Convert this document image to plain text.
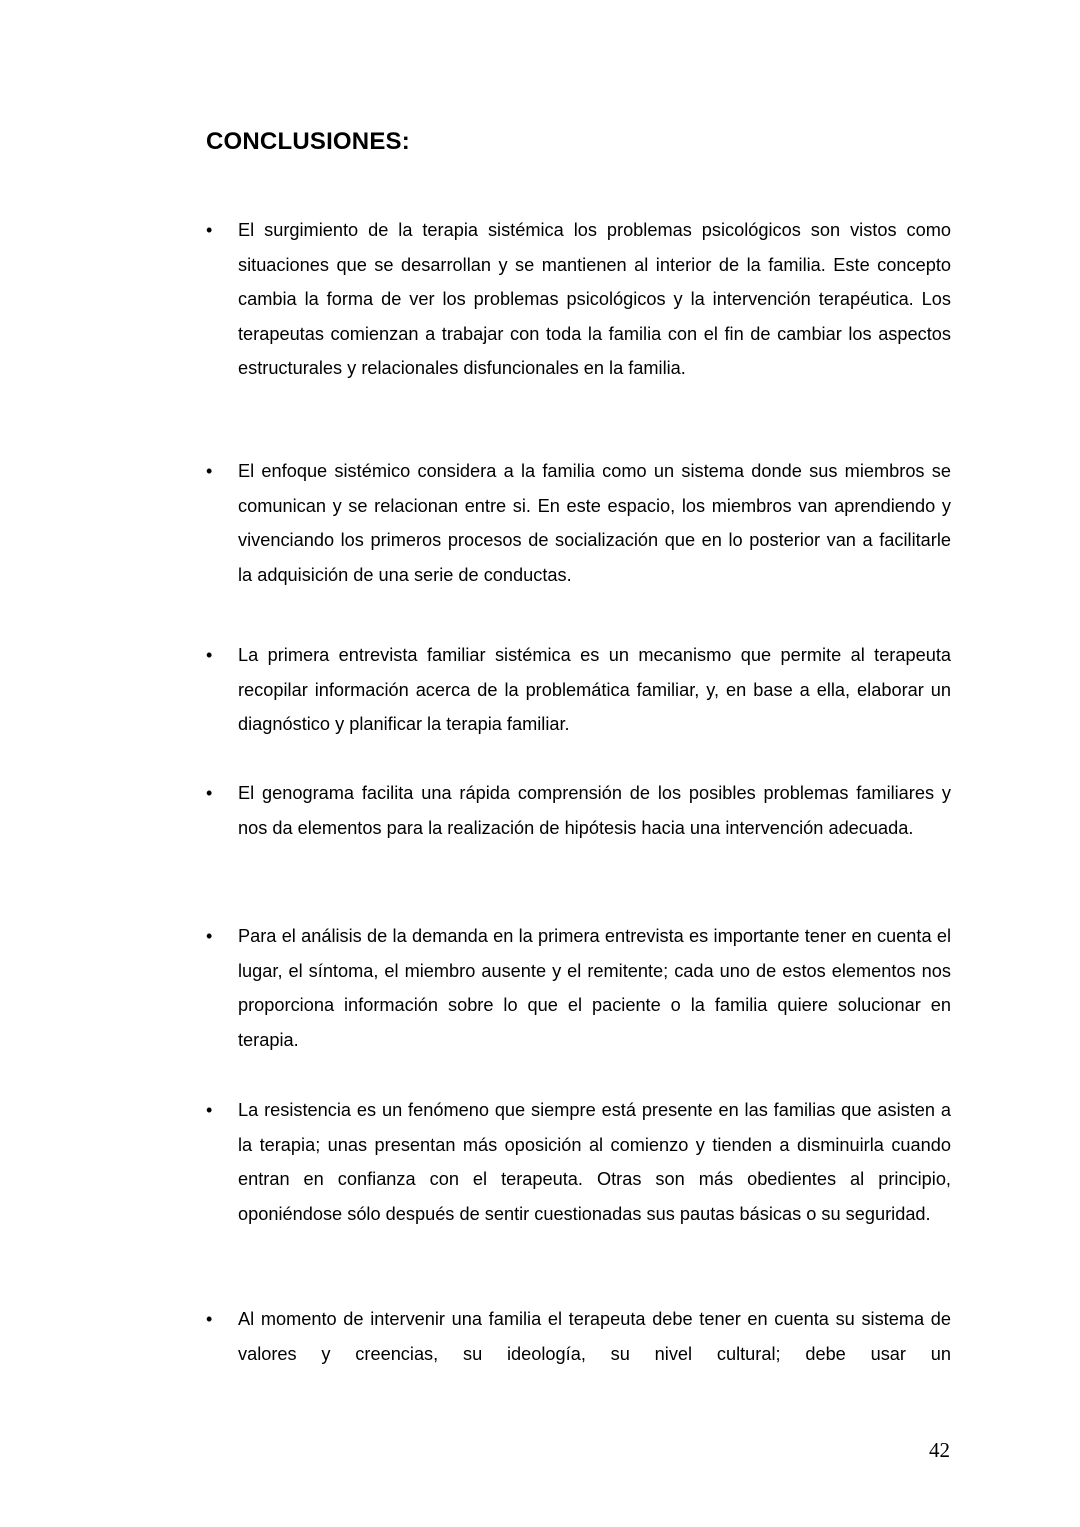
CONCLUSIONES:
• El surgimiento de la terapia sistémica los problemas psicológicos son vistos como situaciones que se desarrollan y se mantienen al interior de la familia. Este concepto cambia la forma de ver los problemas psicológicos y la intervención terapéutica. Los terapeutas comienzan a trabajar con toda la familia con el fin de cambiar los aspectos estructurales y relacionales disfuncionales en la familia.
• El enfoque sistémico considera a la familia como un sistema donde sus miembros se comunican y se relacionan entre si. En este espacio, los miembros van aprendiendo y vivenciando los primeros procesos de socialización que en lo posterior van a facilitarle la adquisición de una serie de conductas.
• La primera entrevista familiar sistémica es un mecanismo que permite al terapeuta recopilar información acerca de la problemática familiar, y, en base a ella, elaborar un diagnóstico y planificar la terapia familiar.
• El genograma facilita una rápida comprensión de los posibles problemas familiares y nos da elementos para la realización de hipótesis hacia una intervención adecuada.
• Para el análisis de la demanda en la primera entrevista es importante tener en cuenta el lugar, el síntoma, el miembro ausente y el remitente; cada uno de estos elementos nos proporciona información sobre lo que el paciente o la familia quiere solucionar en terapia.
• La resistencia es un fenómeno que siempre está presente en las familias que asisten a la terapia; unas presentan más oposición al comienzo y tienden a disminuirla cuando entran en confianza con el terapeuta. Otras son más obedientes al principio, oponiéndose sólo después de sentir cuestionadas sus pautas básicas o su seguridad.
• Al momento de intervenir una familia el terapeuta debe tener en cuenta su sistema de valores y creencias, su ideología, su nivel cultural; debe usar un
42
